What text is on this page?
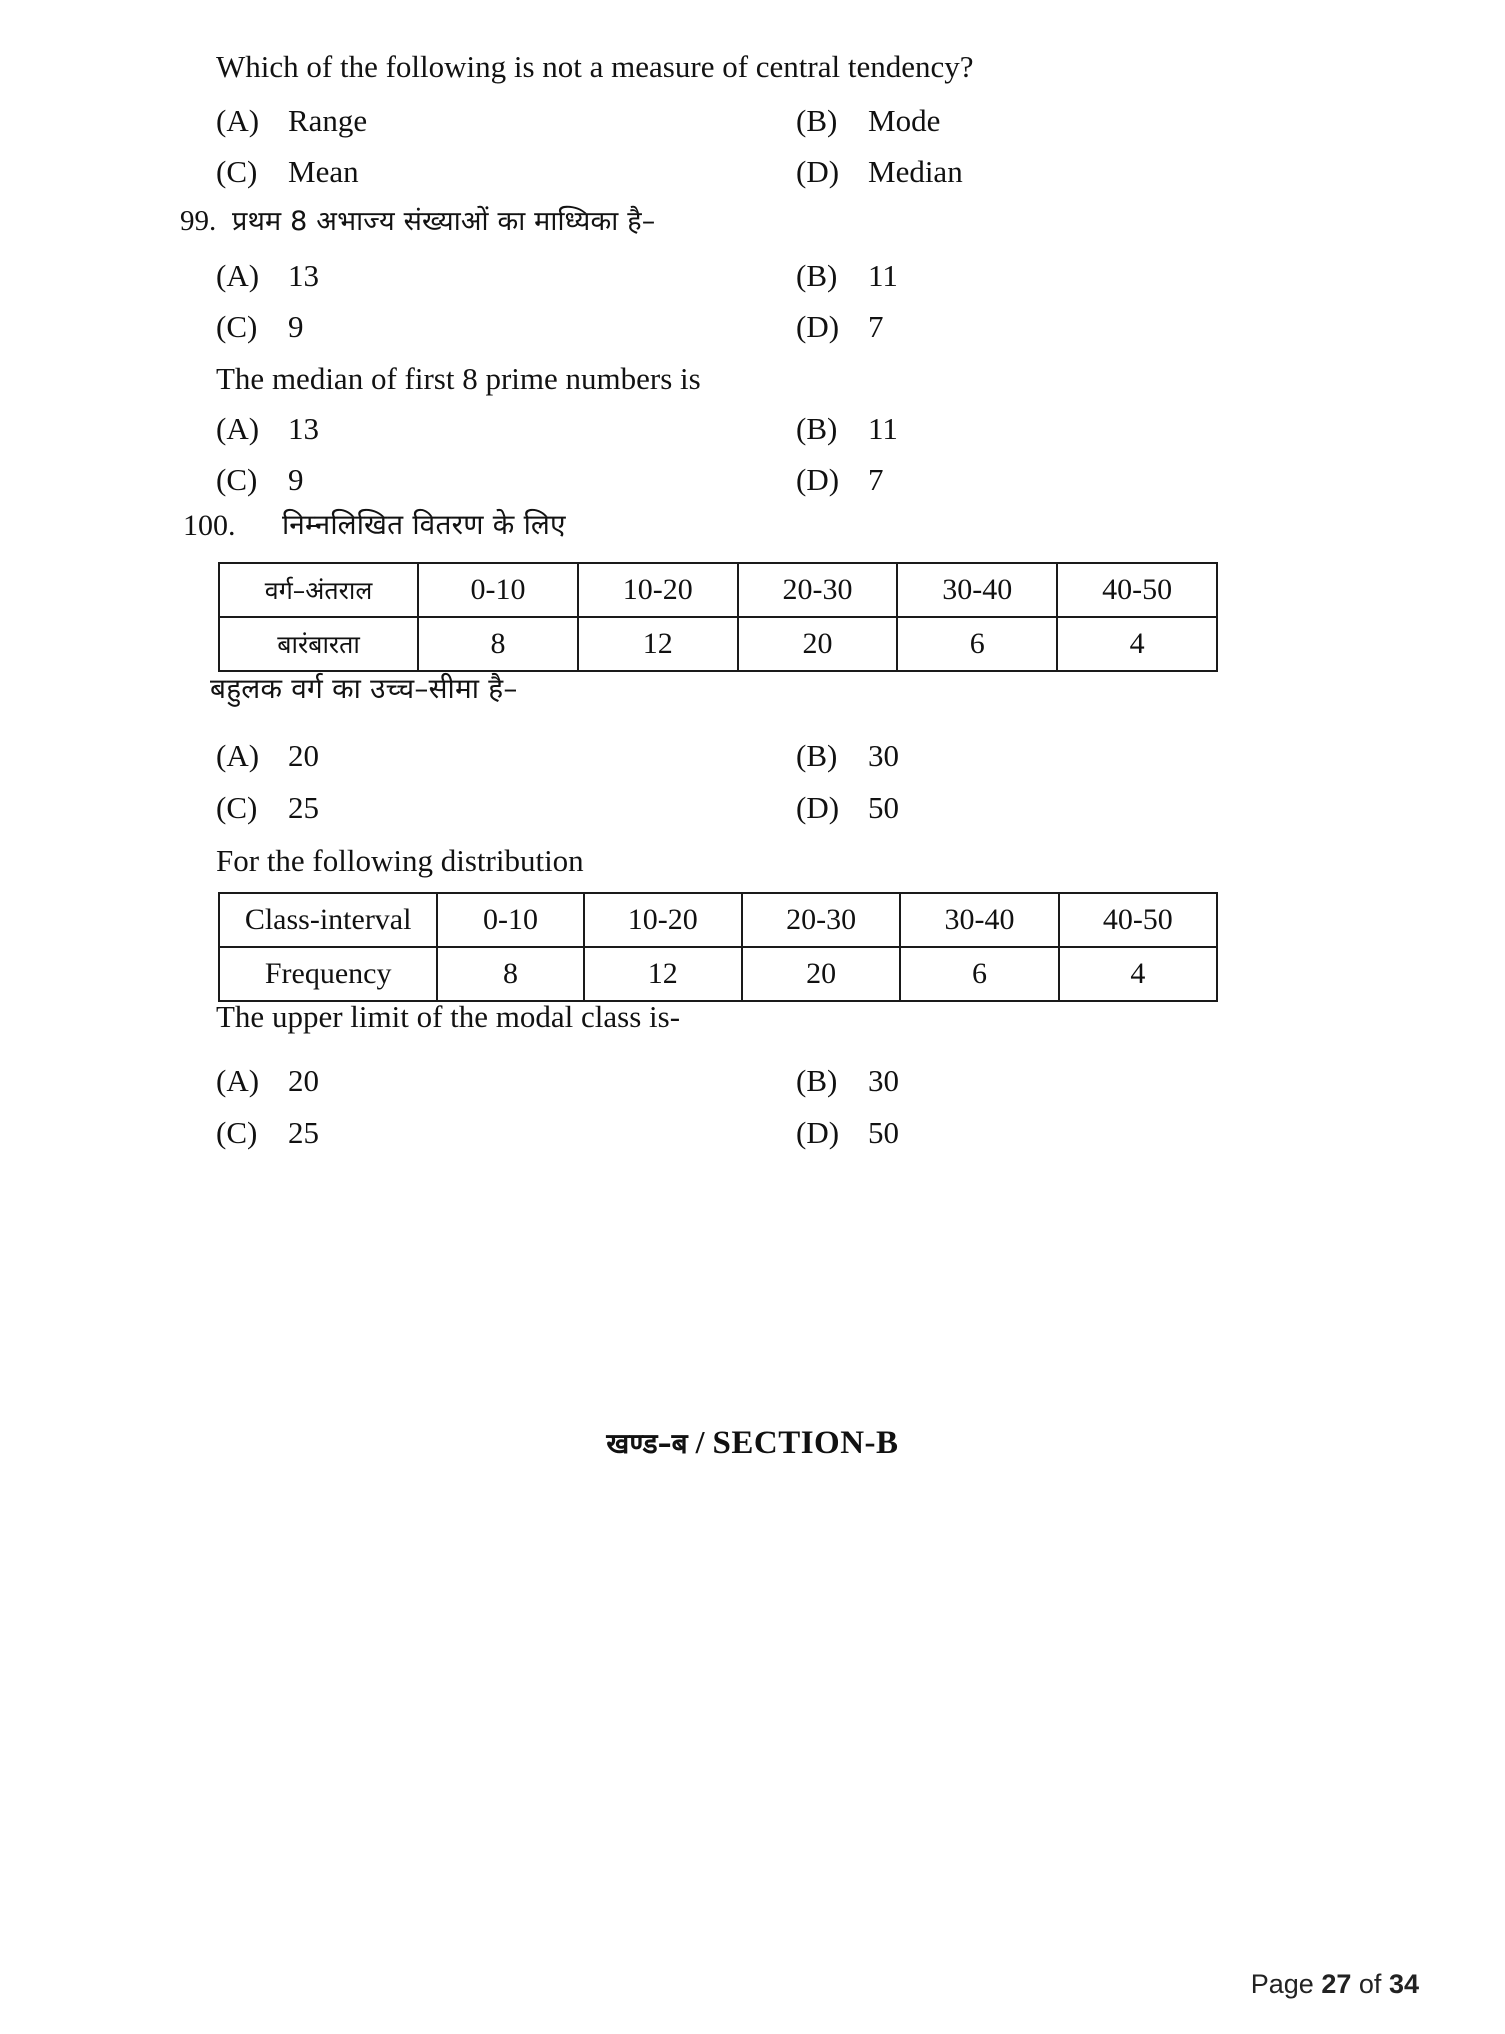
Which of the following is not a measure of central tendency?
(A) Range	(B) Mode
(C) Mean	(D) Median
99. प्रथम 8 अभाज्य संख्याओं का माध्यिका है–
(A) 13	(B) 11
(C) 9	(D) 7
The median of first 8 prime numbers is
(A) 13	(B) 11
(C) 9	(D) 7
100. निम्नलिखित वितरण के लिए
वर्ग–अंतराल	0-10	10-20	20-30	30-40	40-50
बारंबारता	8	12	20	6	4
बहुलक वर्ग का उच्च–सीमा है–
(A) 20	(B) 30
(C) 25	(D) 50
For the following distribution
Class-interval	0-10	10-20	20-30	30-40	40-50
Frequency	8	12	20	6	4
The upper limit of the modal class is-
(A) 20	(B) 30
(C) 25	(D) 50
खण्ड–ब / SECTION-B
Page 27 of 34
